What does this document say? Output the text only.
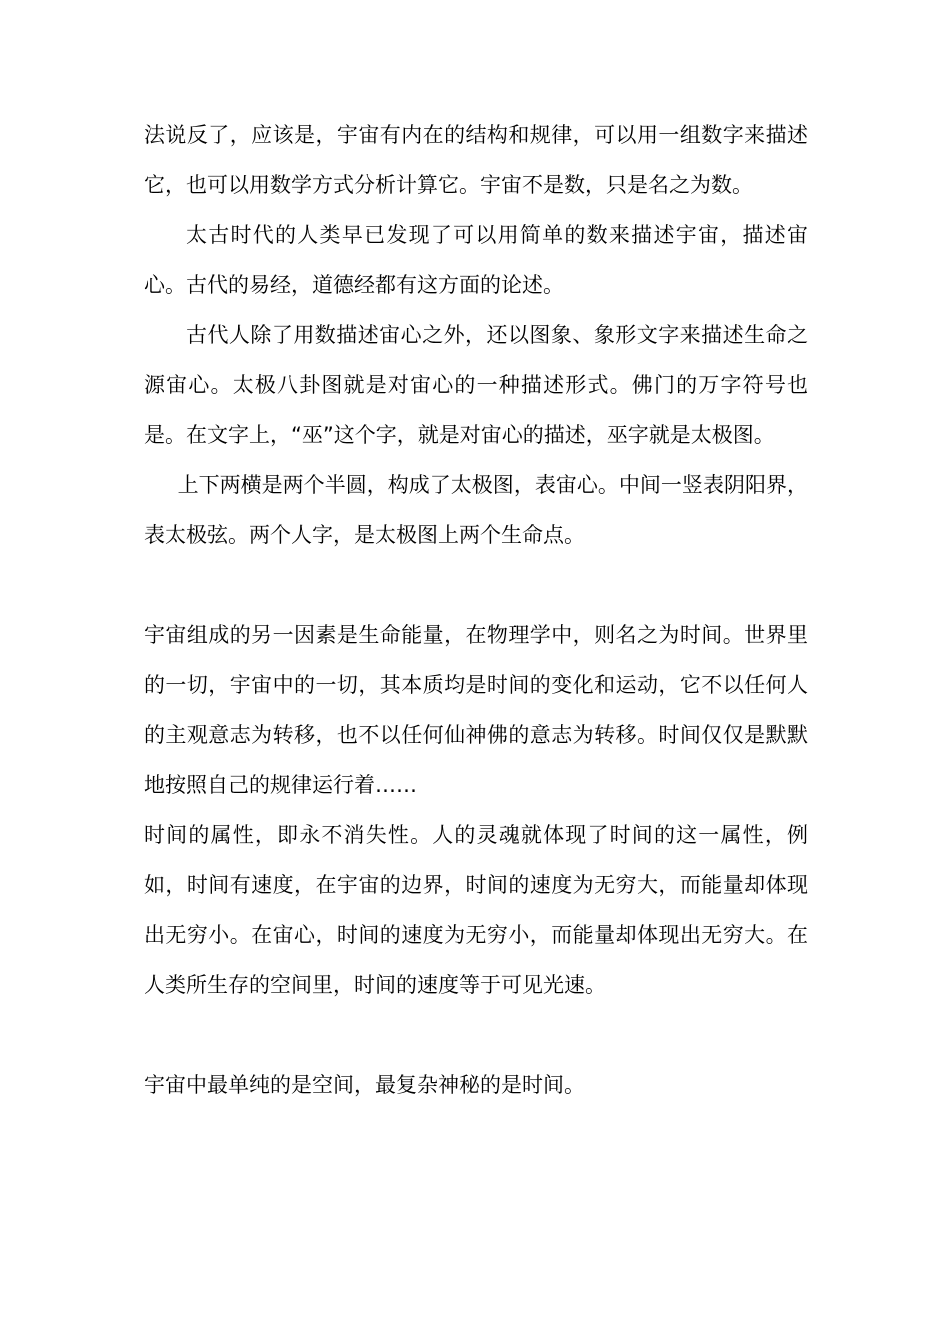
法说反了，应该是，宇宙有内在的结构和规律，可以用一组数字来描述它，也可以用数学方式分析计算它。宇宙不是数，只是名之为数。

太古时代的人类早已发现了可以用简单的数来描述宇宙，描述宙心。古代的易经，道德经都有这方面的论述。

古代人除了用数描述宙心之外，还以图象、象形文字来描述生命之源宙心。太极八卦图就是对宙心的一种描述形式。佛门的万字符号也是。在文字上，“巫”这个字，就是对宙心的描述，巫字就是太极图。

上下两横是两个半圆，构成了太极图，表宙心。中间一竖表阴阳界，表太极弦。两个人字，是太极图上两个生命点。

宇宙组成的另一因素是生命能量，在物理学中，则名之为时间。世界里的一切，宇宙中的一切，其本质均是时间的变化和运动，它不以任何人的主观意志为转移，也不以任何仙神佛的意志为转移。时间仅仅是默默地按照自己的规律运行着……

时间的属性，即永不消失性。人的灵魂就体现了时间的这一属性，例如，时间有速度，在宇宙的边界，时间的速度为无穷大，而能量却体现出无穷小。在宙心，时间的速度为无穷小，而能量却体现出无穷大。在人类所生存的空间里，时间的速度等于可见光速。

宇宙中最单纯的是空间，最复杂神秘的是时间。
